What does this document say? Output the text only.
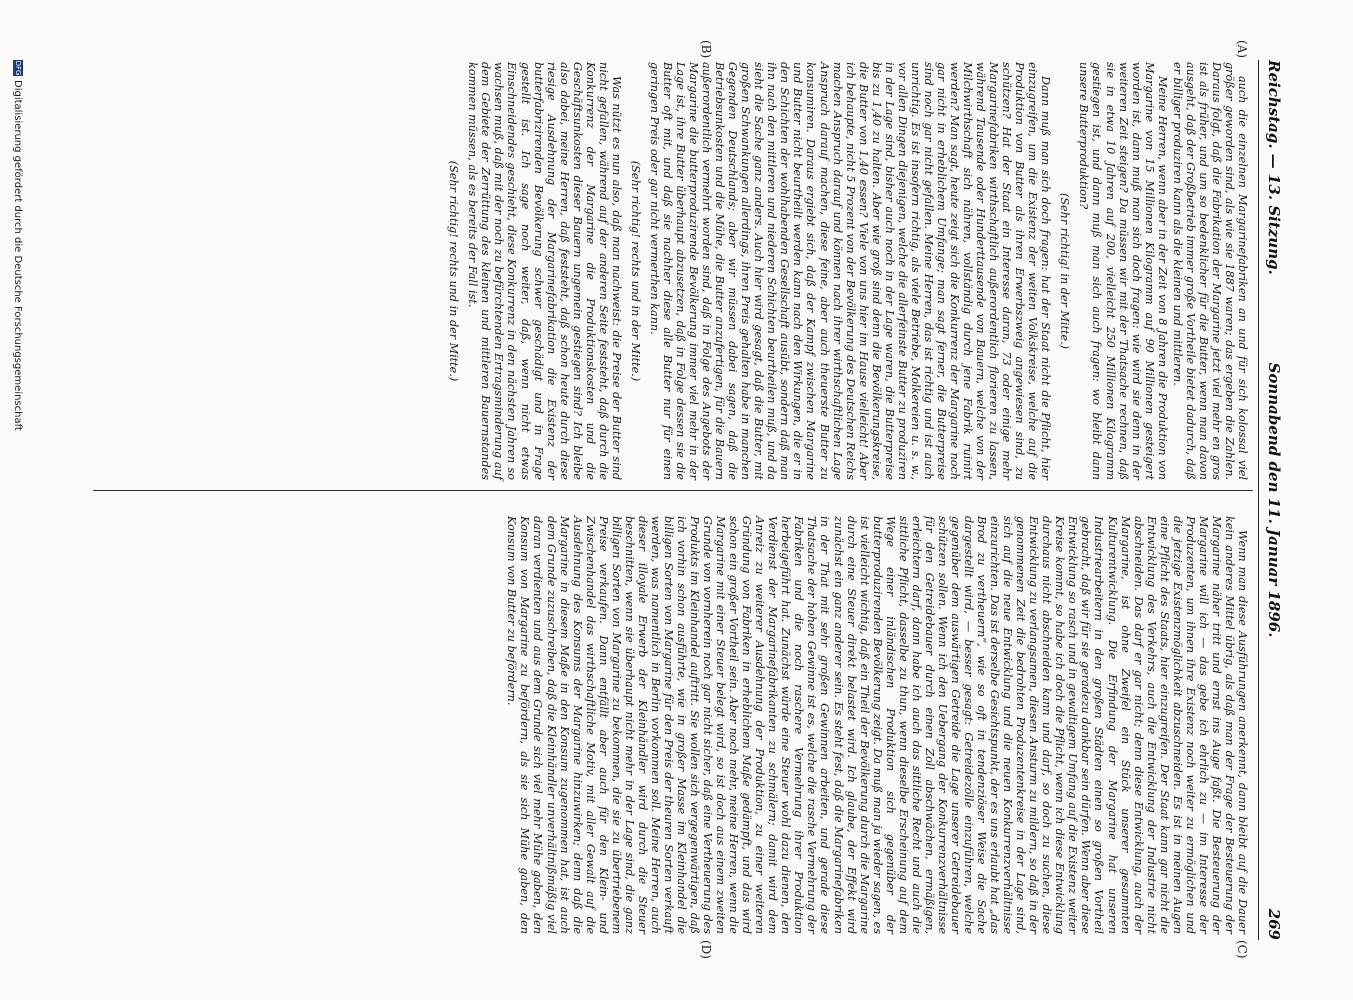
Reichstag. — 13. Sitzung.
Sonnabend den 11. Januar 1896.
269
(A)
(B)
(C)
(D)

auch die einzelnen Margarinefabriken an und für sich kolossal viel größer geworden sind, als wie sie 1887 waren; das ergeben die Zahlen. Daraus folgt, daß die Fabrikation der Margarine jetzt viel mehr en gros ist als früher, und um so bedenklicher für die Butter, wenn man davon ausgeht, daß der Großbetrieb immer große Vortheile bietet dadurch, daß er billiger produziren kann als die kleinen und mittleren.

Meine Herren, wenn aber in der Zeit von 8 Jahren die Produktion von Margarine von 15 Millionen Kilogramm auf 90 Millionen gesteigert worden ist, dann muß man sich doch fragen: wie wird sie denn in der weiteren Zeit steigen? Da müssen wir mit der Thatsache rechnen, daß sie in etwa 10 Jahren auf 200, vielleicht 250 Millionen Kilogramm gestiegen ist, und dann muß man sich auch fragen: wo bleibt dann unsere Butterproduktion?

(Sehr richtig! in der Mitte.)

Dann muß man sich doch fragen: hat der Staat nicht die Pflicht, hier einzugreifen, um die Existenz der weiten Volkskreise, welche auf die Produktion von Butter als ihren Erwerbszweig angewiesen sind, zu schützen? Hat der Staat ein Interesse daran, 73 oder einige mehr Margarinefabriken wirthschaftlich außerordentlich florieren zu lassen, während Tausende oder Hunderttausende von Bauern, welche von der Milchwirthschaft sich nähren, vollständig durch jene Fabrik ruinirt werden? Man sagt, heute zeigt sich die Konkurrenz der Margarine noch gar nicht in erheblichem Umfange; man sagt ferner, die Butterpreise sind noch gar nicht gefallen. Meine Herren, das ist richtig und ist auch unrichtig. Es ist insofern richtig, als viele Betriebe, Molkereien u. s. w., vor allen Dingen diejenigen, welche die allerfeinste Butter zu produziren in der Lage sind, bisher auch noch in der Lage waren, die Butterpreise bis zu 1,40 zu halten. Aber wie groß sind denn die Bevölkerungskreise, die Butter von 1,40 essen? Viele von uns hier im Hause vielleicht! Aber ich behaupte, nicht 5 Prozent von der Bevölkerung des Deutschen Reichs machen Anspruch darauf und können nach ihrer wirthschaftlichen Lage Anspruch darauf machen, diese feine, aber auch theuerste Butter zu konsumiren. Daraus ergiebt sich, daß der Kampf zwischen Margarine und Butter nicht beurtheilt werden kann nach den Wirkungen, die er in den Schichten der wohlhabenden Gesellschaft ausübt, sondern daß man ihn nach den mittleren und niederen Schichten beurtheilen muß, und da sieht die Sache ganz anders. Auch hier wird gesagt, daß die Butter, mit großen Schwankungen allerdings, ihren Preis gehalten habe in manchen Gegenden Deutschlands; aber wir müssen dabei sagen, daß die Betriebsunkosten und die Mühe, die Butter anzufertigen, für die Bauern außerordentlich vermehrt worden sind, daß in Folge des Angebots der Margarine die butterproduzirende Bevölkerung immer viel mehr in der Lage ist, ihre Butter überhaupt abzusetzen, daß in Folge dessen sie die Butter oft mit, und daß sie nachher diese alle Butter nur für einen geringen Preis oder gar nicht vermerthen kann.

(Sehr richtig! rechts und in der Mitte.)

Was nützt es nun also, daß man nachweist: die Preise der Butter sind nicht gefallen, während auf der anderen Seite feststeht, daß durch die Konkurrenz der Margarine die Produktionskosten und die Geschäftsunkosten dieser Bauern ungemein gestiegen sind? Ich bleibe also dabei, meine Herren, daß feststeht, daß schon heute durch diese riesige Ausdehnung der Margarinefabrikation die Existenz der butterfabrizirenden Bevölkerung schwer geschädigt und in Frage gestellt ist. Ich sage noch weiter, daß, wenn nicht etwas Einschneidendes geschieht, diese Konkurrenz in den nächsten Jahren so wachsen muß, daß mit der noch zu befürchtenden Ertragsminderung auf dem Gebiete der Zerrüttung des kleinen und mittleren Bauernstandes kommen müssen, als es bereits der Fall ist.

(Sehr richtig! rechts und in der Mitte.)

Wenn man diese Ausführungen anerkennt, dann bleibt auf die Dauer kein anderes Mittel übrig, als daß man der Frage der Besteuerung der Margarine näher tritt und ernst ins Auge faßt. Die Besteuerung der Margarine will ich — das gebe ich ehrlich zu — im Interesse der Produzenten, um ihnen ihre Existenz noch weiter zu ermöglichen und die jetzige Existenzmöglichkeit abzuschneiden. Es ist in meinen Augen eine Pflicht des Staats, hier einzugreifen. Der Staat kann gar nicht die Entwicklung des Verkehrs, auch die Entwicklung der Industrie nicht abschneiden. Das darf er gar nicht; denn diese Entwicklung, auch der Margarine, ist ohne Zweifel ein Stück unserer gesammten Kulturentwicklung. Die Erfindung der Margarine hat unseren Industriearbeitern in den großen Städten einen so großen Vortheil gebracht, daß wir für sie geradezu dankbar sein dürfen. Wenn aber diese Entwicklung so rasch und in gewaltigem Umfang auf die Existenz weiter Kreise kommt, so habe ich doch die Pflicht, wenn ich diese Entwicklung durchaus nicht abschneiden kann und darf, so doch zu suchen, diese Entwicklung zu verlangsamen, diesen Ansturm zu mildern, so daß in der genommenen Zeit die bedrohten Produzentenkreise in der Lage sind, sich auf die neue Entwicklung und die neuen Konkurrenzverhältnisse einzurichten. Das ist derselbe Gesichtspunkt, der es uns erlaubt hat „das Brod zu vertheuern“, wie so oft in tendenziöser Weise die Sache dargestellt wird, — besser gesagt: Getreidezölle einzuführen, welche gegenüber dem auswärtigen Getreide die Lage unserer Getreidebauer schützen sollen. Wenn ich den Uebergang der Konkurrenzverhältnisse für den Getreidebauer durch einen Zoll abschwächen, ermäßigen, erleichtern darf, dann habe ich auch das sittliche Recht und auch die sittliche Pflicht, dasselbe zu thun, wenn dieselbe Erscheinung auf dem Wege einer inländischen Produktion sich gegenüber der butterproduzirenden Bevölkerung zeigt. Da muß man ja wieder sagen, es ist vielleicht wichtig, daß ein Theil der Bevölkerung durch die Margarine durch eine Steuer direkt belastet wird. Ich glaube, der Effekt wird zunächst ein ganz anderer sein. Es steht fest, daß die Margarinefabriken in der That mit sehr großen Gewinnen arbeiten, und gerade diese Thatsache der hohen Gewinne ist es, welche die rasche Vermehrung der Fabriken und die noch raschere Vermehrung ihrer Produktion herbeigeführt hat. Zunächst würde eine Steuer wohl dazu dienen, den Verdienst der Margarinefabrikanten zu schmälern; damit wird dem Anreiz zu weiterer Ausdehnung der Produktion, zu einer weiteren Gründung von Fabriken in erheblichem Maße gedämpft, und das wird schon ein großer Vortheil sein. Aber noch mehr, meine Herren, wenn die Margarine mit einer Steuer belegt wird, so ist doch aus einem zweiten Grunde von vornherein noch gar nicht sicher, daß eine Vertheuerung des Produkts im Kleinhandel auftritt. Sie wollen sich vergegenwärtigen, daß ich vorhin schon ausführte, wie in großer Masse im Kleinhandel die billigen Sorten von Margarine für den Preis der theuren Sorten verkauft werden, was namentlich in Berlin vorkommen soll. Meine Herren, auch dieser illoyale Erwerb der Kleinhändler wird durch die Steuer beschnitten, wenn sie überhaupt nicht mehr in der Lage sind, die ganz billigen Sorten von Margarine zu bekommen, die sie zu übertriebenem Preise verkaufen. Dann entfällt aber auch für den Klein- und Zwischenhandel das wirthschaftliche Motiv, mit aller Gewalt auf die Ausdehnung des Konsums der Margarine hinzuwirken; denn daß die Margarine in diesem Maße in den Konsum zugenommen hat, ist auch dem Grunde zuzuschreiben, daß die Kleinhändler unverhältnißmäßig viel daran verdienten und aus dem Grunde sich viel mehr Mühe gaben, den Konsum von Margarine zu befördern, als sie sich Mühe gaben, den Konsum von Butter zu befördern.

DFGDigitalisierung gefördert durch die Deutsche Forschungsgemeinschaft
